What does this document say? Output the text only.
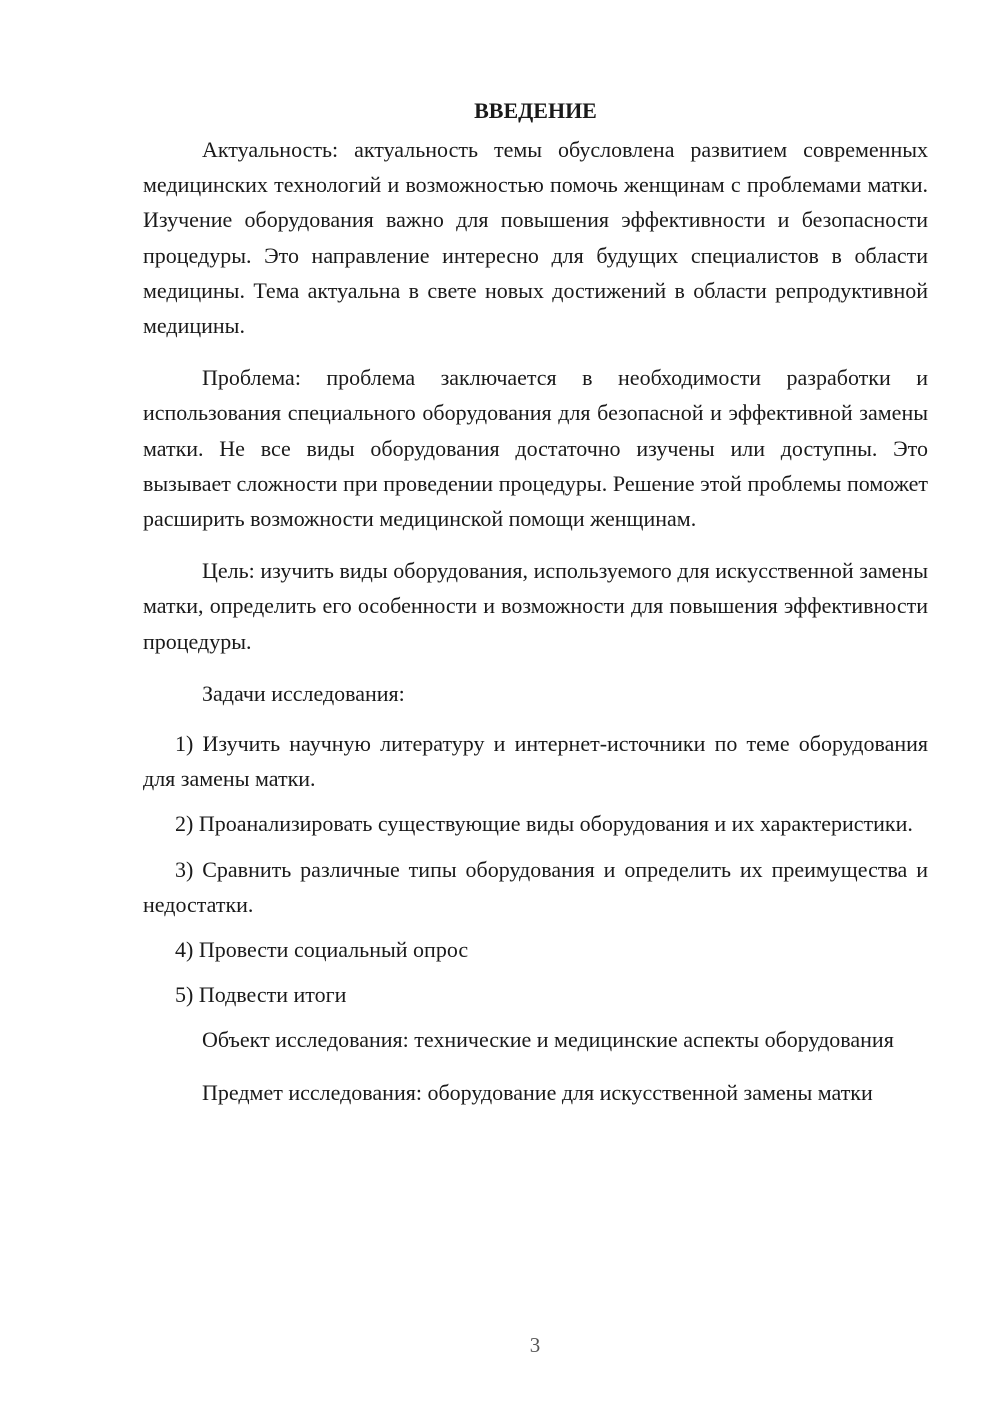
ВВЕДЕНИЕ

Актуальность: актуальность темы обусловлена развитием современных медицинских технологий и возможностью помочь женщинам с проблемами матки. Изучение оборудования важно для повышения эффективности и безопасности процедуры. Это направление интересно для будущих специалистов в области медицины. Тема актуальна в свете новых достижений в области репродуктивной медицины.

Проблема: проблема заключается в необходимости разработки и использования специального оборудования для безопасной и эффективной замены матки. Не все виды оборудования достаточно изучены или доступны. Это вызывает сложности при проведении процедуры. Решение этой проблемы поможет расширить возможности медицинской помощи женщинам.

Цель: изучить виды оборудования, используемого для искусственной замены матки, определить его особенности и возможности для повышения эффективности процедуры.

Задачи исследования:

1) Изучить научную литературу и интернет-источники по теме оборудования для замены матки.

2) Проанализировать существующие виды оборудования и их характеристики.

3) Сравнить различные типы оборудования и определить их преимущества и недостатки.

4) Провести социальный опрос

5) Подвести итоги

Объект исследования: технические и медицинские аспекты оборудования

Предмет исследования: оборудование для искусственной замены матки

3
